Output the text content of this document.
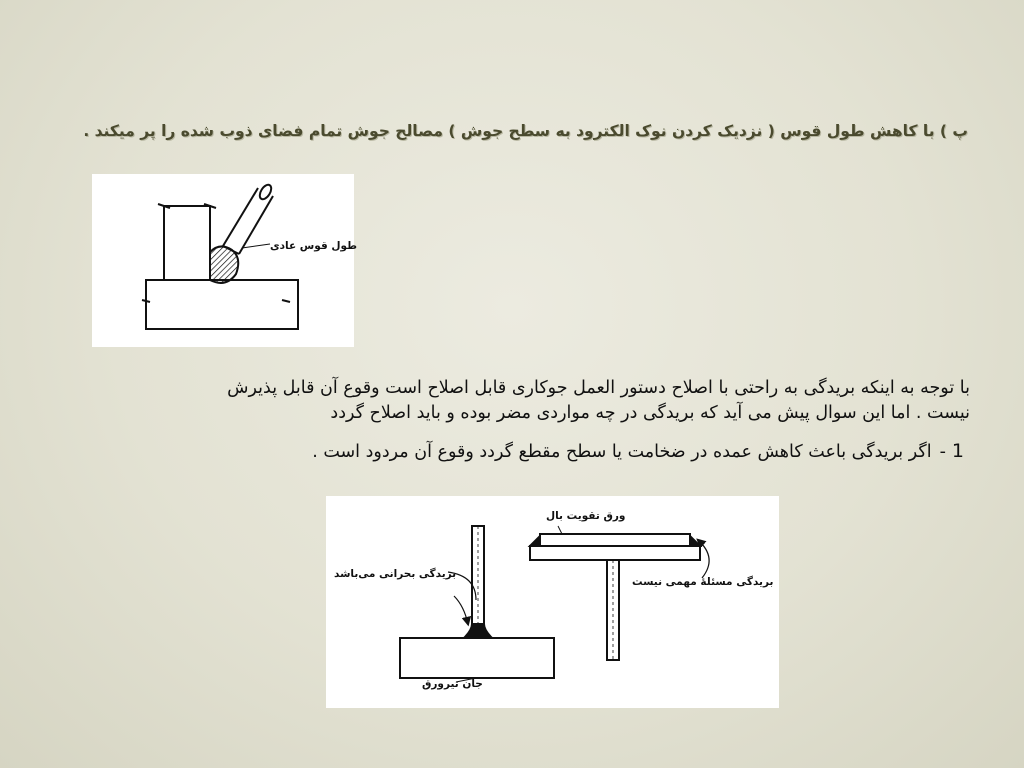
پ ) با کاهش طول قوس ( نزدیک کردن نوک الکترود به سطح جوش ) مصالح جوش تمام فضای ذوب شده را پر میکند .
طول قوس عادی
با توجه به اینکه بریدگی به راحتی با اصلاح دستور العمل جوکاری قابل اصلاح است وقوع آن قابل پذیرش
نیست . اما این سوال پیش می آید که بریدگی در چه مواردی مضر بوده و باید اصلاح گردد
1-اگر بریدگی باعث کاهش عمده در ضخامت یا سطح مقطع گردد وقوع آن مردود است .
ورق تقویت بال
بریدگی بحرانی می‌باشد
بریدگی مسئلهٔ مهمی نیست
جان تیرورق
